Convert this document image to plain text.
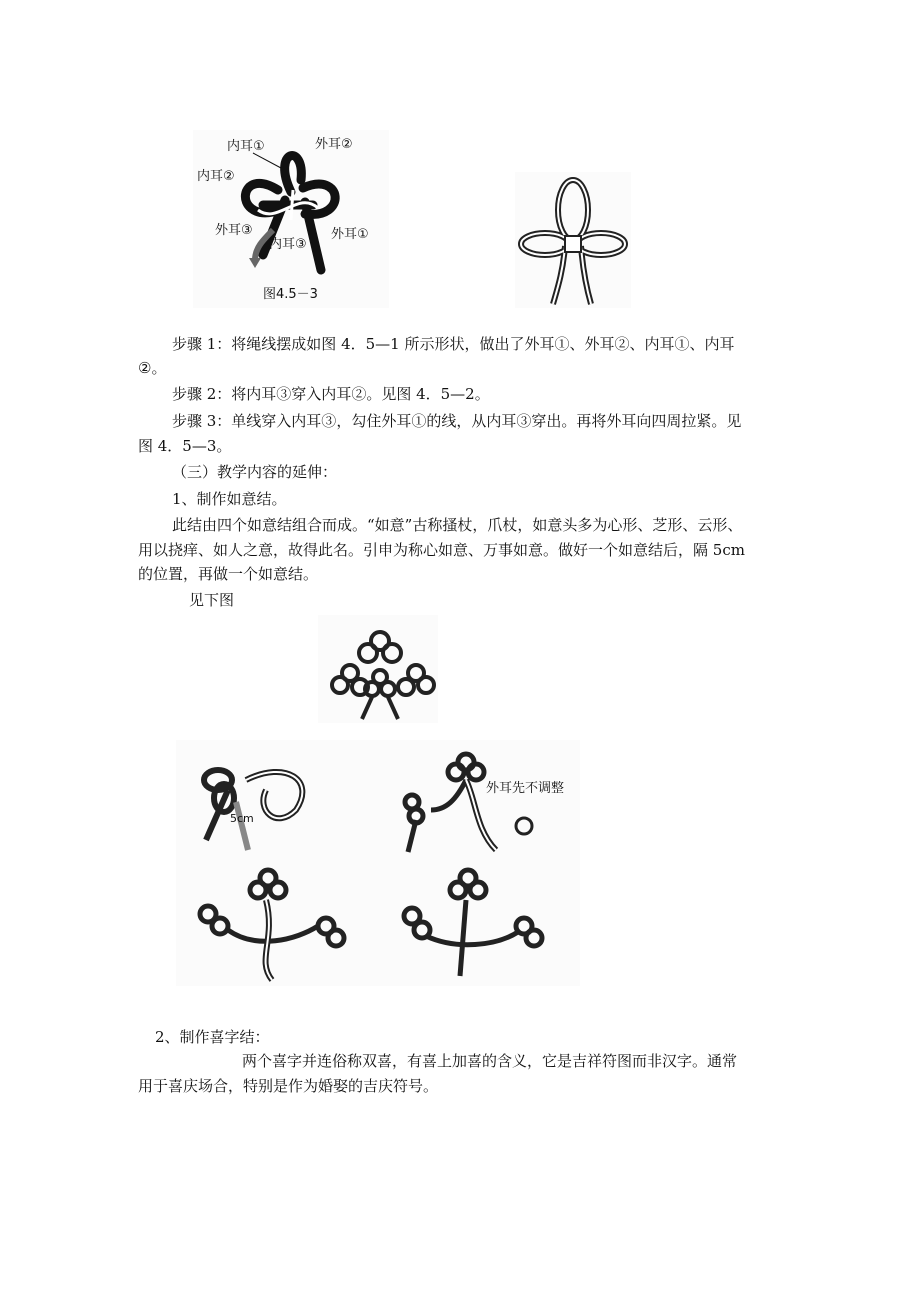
内耳①	外耳②
内耳②
外耳③
内耳③
外耳①
图4.5－3
步骤 1：将绳线摆成如图 4．5—1 所示形状，做出了外耳①、外耳②、内耳①、内耳
②。
步骤 2：将内耳③穿入内耳②。见图 4．5—2。
步骤 3：单线穿入内耳③，勾住外耳①的线，从内耳③穿出。再将外耳向四周拉紧。见
图 4．5—3。
（三）教学内容的延伸：
1、制作如意结。
此结由四个如意结组合而成。“如意”古称搔杖，爪杖，如意头多为心形、芝形、云形、
用以挠痒、如人之意，故得此名。引申为称心如意、万事如意。做好一个如意结后，隔 5cm
的位置，再做一个如意结。
见下图
5cm
外耳先不调整
2、制作喜字结：
两个喜字并连俗称双喜，有喜上加喜的含义，它是吉祥符图而非汉字。通常
用于喜庆场合，特别是作为婚娶的吉庆符号。
